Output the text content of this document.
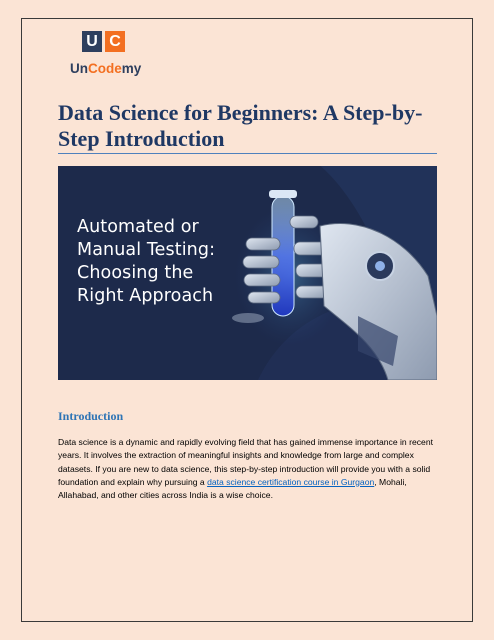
U C
UnCodemy
Data Science for Beginners: A Step-by-Step Introduction
Automated or
Manual Testing:
Choosing the
Right Approach
Introduction

Data science is a dynamic and rapidly evolving field that has gained immense importance in recent years. It involves the extraction of meaningful insights and knowledge from large and complex datasets. If you are new to data science, this step-by-step introduction will provide you with a solid foundation and explain why pursuing a data science certification course in Gurgaon, Mohali, Allahabad, and other cities across India is a wise choice.
